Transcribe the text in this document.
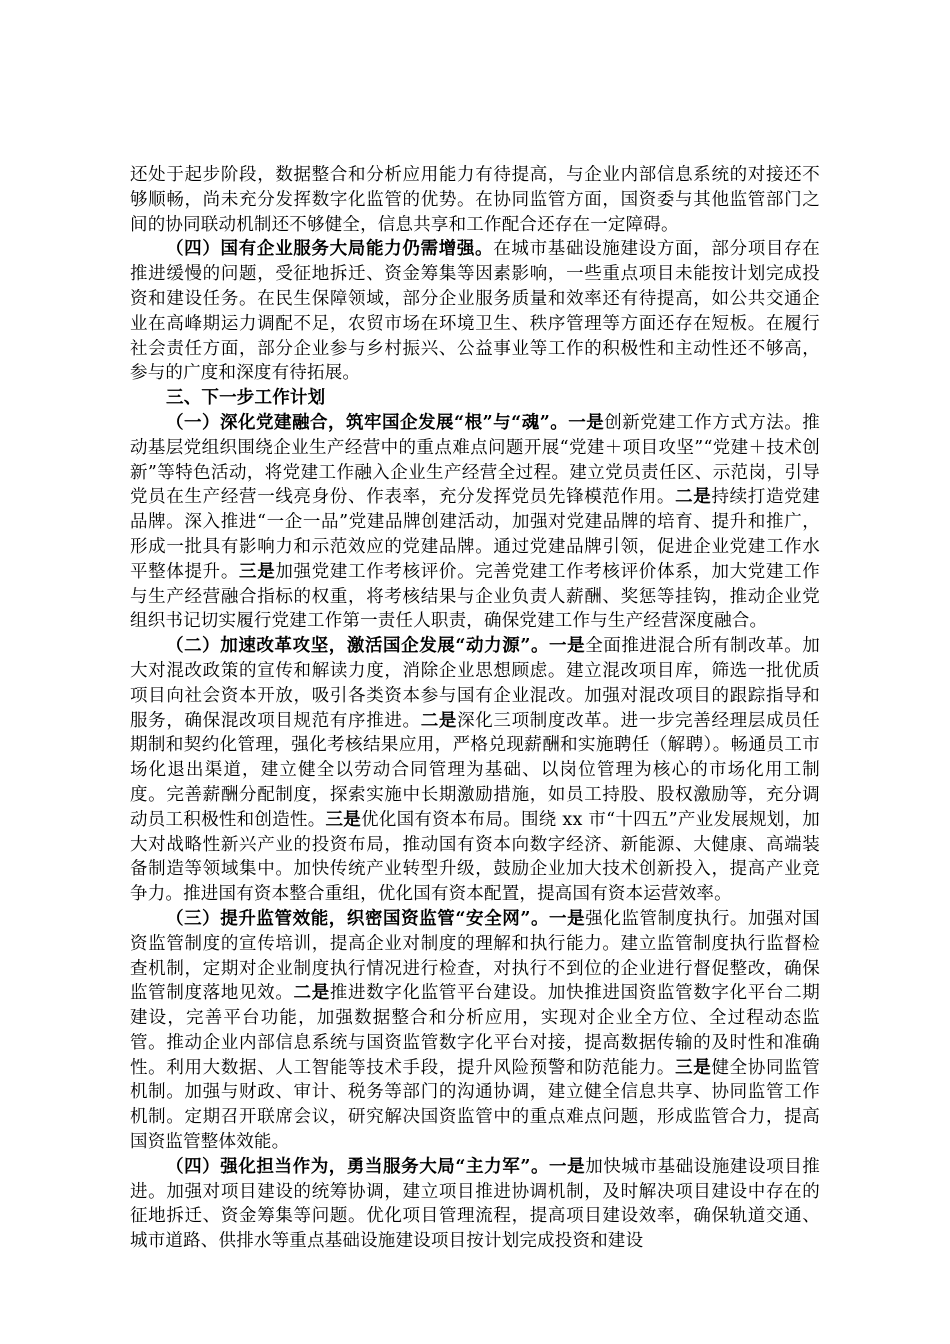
还处于起步阶段，数据整合和分析应用能力有待提高，与企业内部信息系统的对接还不够顺畅，尚未充分发挥数字化监管的优势。在协同监管方面，国资委与其他监管部门之间的协同联动机制还不够健全，信息共享和工作配合还存在一定障碍。

（四）国有企业服务大局能力仍需增强。在城市基础设施建设方面，部分项目存在推进缓慢的问题，受征地拆迁、资金筹集等因素影响，一些重点项目未能按计划完成投资和建设任务。在民生保障领域，部分企业服务质量和效率还有待提高，如公共交通企业在高峰期运力调配不足，农贸市场在环境卫生、秩序管理等方面还存在短板。在履行社会责任方面，部分企业参与乡村振兴、公益事业等工作的积极性和主动性还不够高，参与的广度和深度有待拓展。

三、下一步工作计划

（一）深化党建融合，筑牢国企发展“根”与“魂”。一是创新党建工作方式方法。推动基层党组织围绕企业生产经营中的重点难点问题开展“党建＋项目攻坚”“党建＋技术创新”等特色活动，将党建工作融入企业生产经营全过程。建立党员责任区、示范岗，引导党员在生产经营一线亮身份、作表率，充分发挥党员先锋模范作用。二是持续打造党建品牌。深入推进“一企一品”党建品牌创建活动，加强对党建品牌的培育、提升和推广，形成一批具有影响力和示范效应的党建品牌。通过党建品牌引领，促进企业党建工作水平整体提升。三是加强党建工作考核评价。完善党建工作考核评价体系，加大党建工作与生产经营融合指标的权重，将考核结果与企业负责人薪酬、奖惩等挂钩，推动企业党组织书记切实履行党建工作第一责任人职责，确保党建工作与生产经营深度融合。

（二）加速改革攻坚，激活国企发展“动力源”。一是全面推进混合所有制改革。加大对混改政策的宣传和解读力度，消除企业思想顾虑。建立混改项目库，筛选一批优质项目向社会资本开放，吸引各类资本参与国有企业混改。加强对混改项目的跟踪指导和服务，确保混改项目规范有序推进。二是深化三项制度改革。进一步完善经理层成员任期制和契约化管理，强化考核结果应用，严格兑现薪酬和实施聘任（解聘）。畅通员工市场化退出渠道，建立健全以劳动合同管理为基础、以岗位管理为核心的市场化用工制度。完善薪酬分配制度，探索实施中长期激励措施，如员工持股、股权激励等，充分调动员工积极性和创造性。三是优化国有资本布局。围绕 xx 市“十四五”产业发展规划，加大对战略性新兴产业的投资布局，推动国有资本向数字经济、新能源、大健康、高端装备制造等领域集中。加快传统产业转型升级，鼓励企业加大技术创新投入，提高产业竞争力。推进国有资本整合重组，优化国有资本配置，提高国有资本运营效率。

（三）提升监管效能，织密国资监管“安全网”。一是强化监管制度执行。加强对国资监管制度的宣传培训，提高企业对制度的理解和执行能力。建立监管制度执行监督检查机制，定期对企业制度执行情况进行检查，对执行不到位的企业进行督促整改，确保监管制度落地见效。二是推进数字化监管平台建设。加快推进国资监管数字化平台二期建设，完善平台功能，加强数据整合和分析应用，实现对企业全方位、全过程动态监管。推动企业内部信息系统与国资监管数字化平台对接，提高数据传输的及时性和准确性。利用大数据、人工智能等技术手段，提升风险预警和防范能力。三是健全协同监管机制。加强与财政、审计、税务等部门的沟通协调，建立健全信息共享、协同监管工作机制。定期召开联席会议，研究解决国资监管中的重点难点问题，形成监管合力，提高国资监管整体效能。

（四）强化担当作为，勇当服务大局“主力军”。一是加快城市基础设施建设项目推进。加强对项目建设的统筹协调，建立项目推进协调机制，及时解决项目建设中存在的征地拆迁、资金筹集等问题。优化项目管理流程，提高项目建设效率，确保轨道交通、城市道路、供排水等重点基础设施建设项目按计划完成投资和建设
